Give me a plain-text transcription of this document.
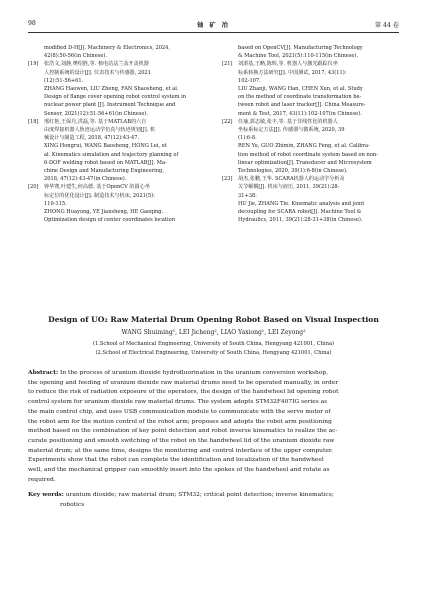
98	铀 矿 冶	第 44 卷
modified D-H[J]. Machinery & Electronics, 2024,
42(8):50-56(in Chinese).
[19] 张浩文,刘静,樊绍胜,等. 核电站法兰盖开盖机器
人控制系统的设计[J]. 仪表技术与传感器, 2021
(12):51-56+61.
ZHANG Haowen, LIU Zheng, FAN Shaosheng, et al.
Design of flange cover opening robot control system in
nuclear power plant [J]. Instrument Technique and
Sensor, 2021(12):51-56+61(in Chinese).
[18] 邢红艳,王保丹,洪磊,等. 基于MATLAB的六自
由度焊接机器人轨迹运动学仿真与轨迹规划[J]. 机
械设计与制造工程, 2018, 47(12):43-47.
XING Hongrui, WANG Baosheng, HONG Lei, et
al. Kinematics simulation and trajectory planning of
6-DOF welding robot based on MATLAB[J]. Ma-
chine Design and Manufacturing Engineering,
2018, 47(12):43-47(in Chinese).
[20] 钟华骞,叶建生,何高德. 基于OpenCV 的圆心坐
标定位的优化设计[J]. 制造技术与机床, 2021(5):
110-115.
ZHONG Huayong, YE Jiansheng, HE Gaoqing.
Optimization design of center coordinates location
based on OpenCV[J]. Manufacturing Technology
& Machine Tool, 2021(5):110-115(in Chinese).
[21] 刘湛基,王略,陈辉,等. 机器人与激光跟踪仪坐
标系转换方法研究[J]. 中国测试, 2017, 43(11):
102-107.
LIU Zhanji, WANG Han, CHEN Xun, et al. Study
on the method of coordinate transformation be-
tween robot and laser tracker[J]. China Measure-
ment & Test, 2017, 43(11):102-107(in Chinese).
[22] 任瑜,郭志敏,张丰,等. 基于非线性化的机器人
坐标系标定方法[J]. 传感器与微系统, 2020, 39
(1):6-8.
REN Yu, GUO Zhimin, ZHANG Feng, et al. Calibra-
tion method of robot coordinate system based on non-
linear optimization[J]. Transducer and Microsystem
Technologies, 2020, 39(1):6-8(in Chinese).
[23] 胡杰,张鹏,王华. SCARA机器人的运动学分析及
关节解耦[J]. 机床与液压, 2011, 39(21):28-
31+38.
HU Jie, ZHANG Tie. Kinematic analysis and joint
decoupling for SCARA robot[J]. Machine Tool &
Hydraulics, 2011, 39(21):28-31+38(in Chinese).
Design of UO₂ Raw Material Drum Opening Robot Based on Visual Inspection
WANG Shuiming¹, LEI Jicheng², LIAO Yaxiong¹, LEI Zeyong²
(1.School of Mechanical Engineering, University of South China, Hengyang 421001, China)
(2.School of Electrical Engineering, University of South China, Hengyang 421001, China)
Abstract: In the process of uranium dioxide hydrofluorination in the uranium conversion workshop,
the opening and feeding of uranium dioxide raw material drums need to be operated manually, in order
to reduce the risk of radiation exposure of the operators, the design of the handwheel lid opening robot
control system for uranium dioxide raw material drums. The system adopts STM32F407IG series as
the main control chip, and uses USB communication module to communicate with the servo motor of
the robot arm for the motion control of the robot arm; proposes and adopts the robot arm positioning
method based on the combination of key point detection and robot inverse kinematics to realize the ac-
curate positioning and smooth switching of the robot on the handwheel lid of the uranium dioxide raw
material drum; at the same time, designs the monitoring and control interface of the upper computer.
Experiments show that the robot can complete the identification and localization of the handwheel
well, and the mechanical gripper can smoothly insert into the spokes of the handwheel and rotate as
required.
Key words: uranium dioxide; raw material drum; STM32; critical point detection; inverse kinematics;
robotics
